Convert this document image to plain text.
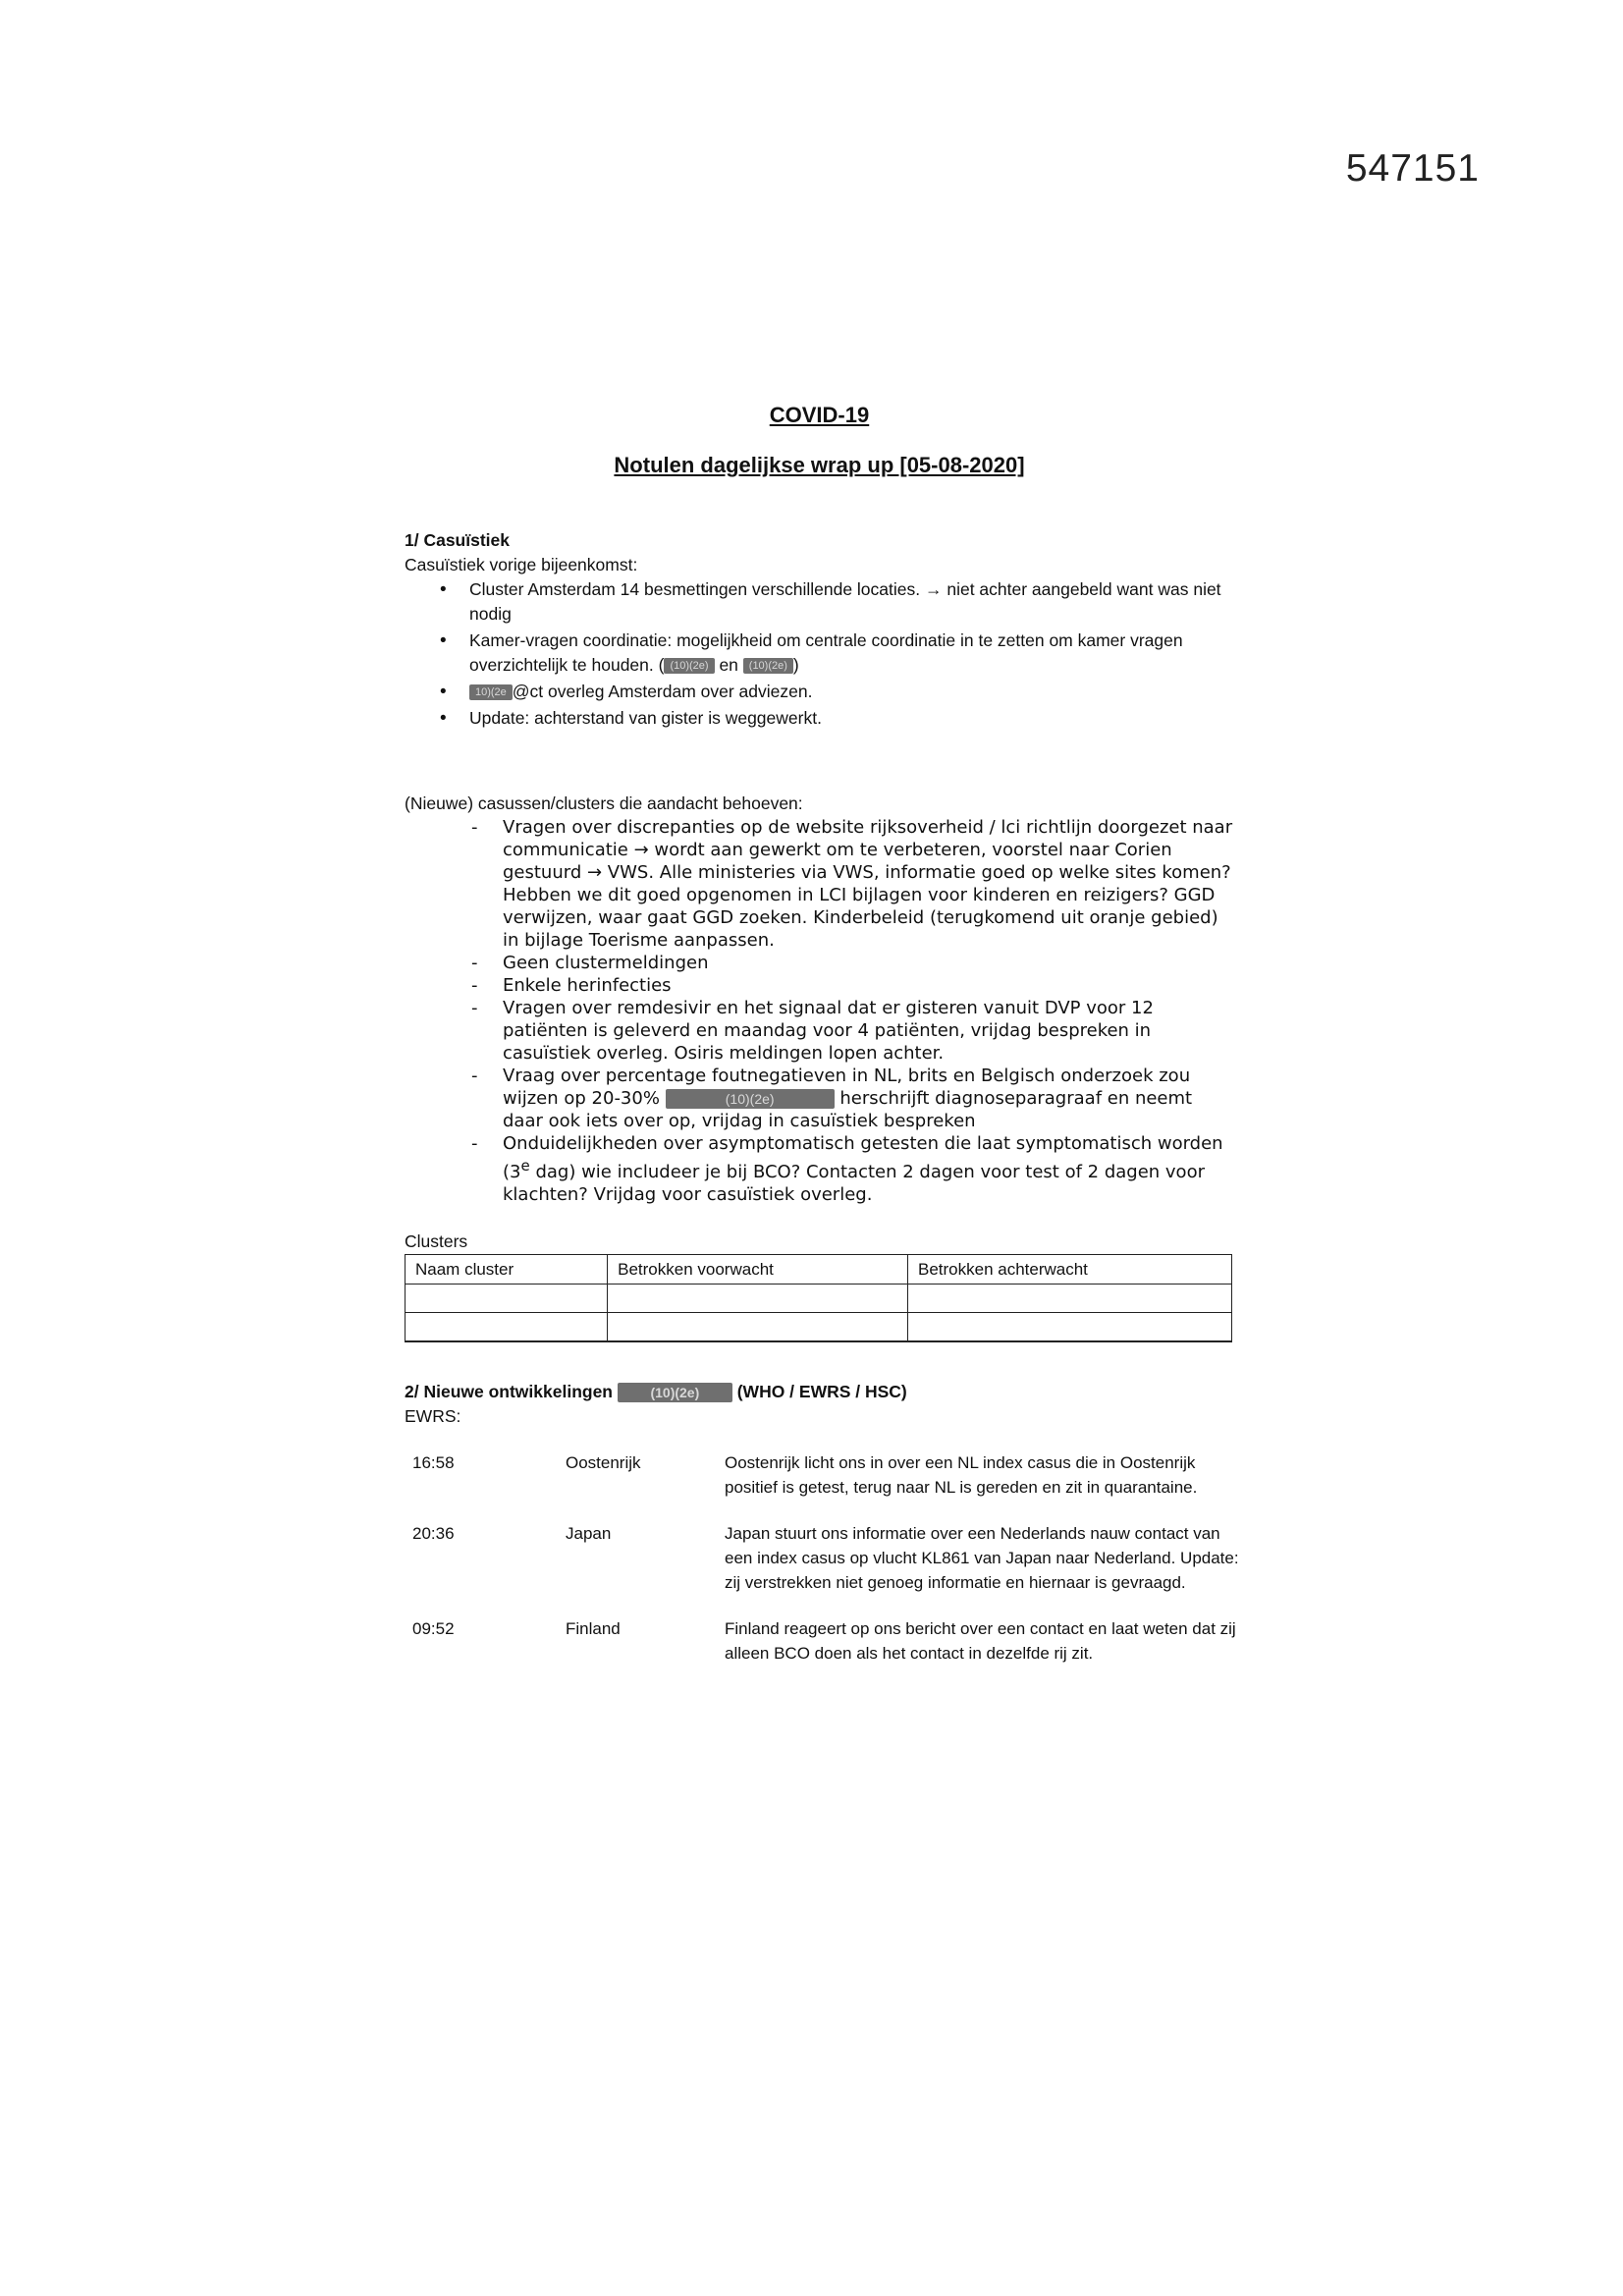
547151

COVID-19

Notulen dagelijkse wrap up [05-08-2020]

1/ Casuïstiek

Casuïstiek vorige bijeenkomst:

• Cluster Amsterdam 14 besmettingen verschillende locaties. → niet achter aangebeld want was niet nodig
• Kamer-vragen coordinatie: mogelijkheid om centrale coordinatie in te zetten om kamer vragen overzichtelijk te houden. ( (10)(2e) en (10)(2e) )
• 10)(2e @ct overleg Amsterdam over adviezen.
• Update: achterstand van gister is weggewerkt.

(Nieuwe) casussen/clusters die aandacht behoeven:

- Vragen over discrepanties op de website rijksoverheid / lci richtlijn doorgezet naar communicatie → wordt aan gewerkt om te verbeteren, voorstel naar Corien gestuurd → VWS. Alle ministeries via VWS, informatie goed op welke sites komen? Hebben we dit goed opgenomen in LCI bijlagen voor kinderen en reizigers? GGD verwijzen, waar gaat GGD zoeken. Kinderbeleid (terugkomend uit oranje gebied) in bijlage Toerisme aanpassen.
- Geen clustermeldingen
- Enkele herinfecties
- Vragen over remdesivir en het signaal dat er gisteren vanuit DVP voor 12 patiënten is geleverd en maandag voor 4 patiënten, vrijdag bespreken in casuïstiek overleg. Osiris meldingen lopen achter.
- Vraag over percentage foutnegatieven in NL, brits en Belgisch onderzoek zou wijzen op 20-30%	(10)(2e)	herschrijft diagnoseparagraaf en neemt daar ook iets over op, vrijdag in casuïstiek bespreken
- Onduidelijkheden over asymptomatisch getesten die laat symptomatisch worden (3e dag) wie includeer je bij BCO? Contacten 2 dagen voor test of 2 dagen voor klachten? Vrijdag voor casuïstiek overleg.

Clusters

Naam cluster	Betrokken voorwacht	Betrokken achterwacht

2/ Nieuwe ontwikkelingen (10)(2e) (WHO / EWRS / HSC)

EWRS:

16:58	Oostenrijk	Oostenrijk licht ons in over een NL index casus die in Oostenrijk positief is getest, terug naar NL is gereden en zit in quarantaine.
20:36	Japan	Japan stuurt ons informatie over een Nederlands nauw contact van een index casus op vlucht KL861 van Japan naar Nederland. Update: zij verstrekken niet genoeg informatie en hiernaar is gevraagd.
09:52	Finland	Finland reageert op ons bericht over een contact en laat weten dat zij alleen BCO doen als het contact in dezelfde rij zit.
